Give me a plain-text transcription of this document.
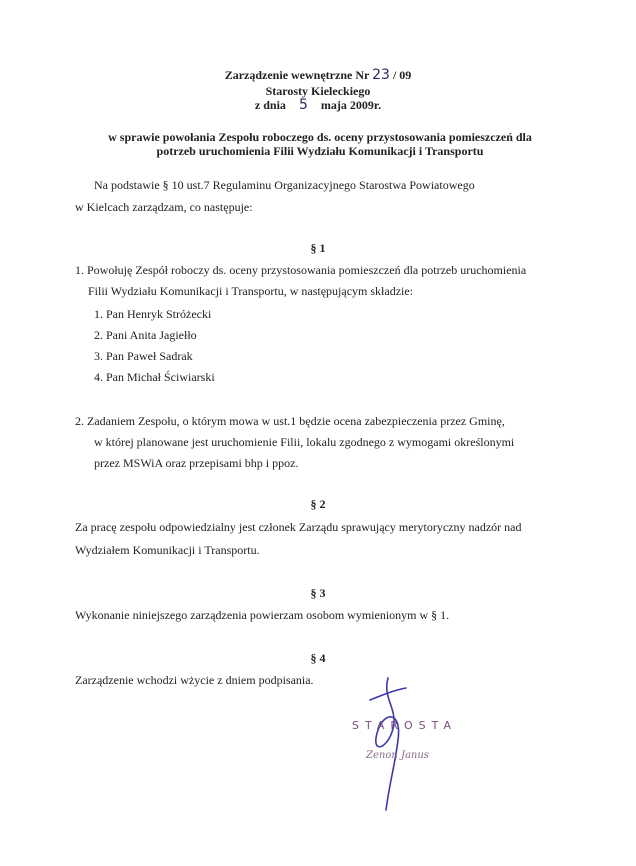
Zarządzenie wewnętrzne Nr 23 / 09
Starosty Kieleckiego
z dnia 5 maja 2009r.
w sprawie powołania Zespołu roboczego ds. oceny przystosowania pomieszczeń dla
potrzeb uruchomienia Filii Wydziału Komunikacji i Transportu
Na podstawie § 10 ust.7 Regulaminu Organizacyjnego Starostwa Powiatowego
w Kielcach zarządzam, co następuje:
§ 1
1. Powołuję Zespół roboczy ds. oceny przystosowania pomieszczeń dla potrzeb uruchomienia
Filii Wydziału Komunikacji i Transportu, w następującym składzie:
1. Pan Henryk Stróżecki
2. Pani Anita Jagiełło
3. Pan Paweł Sadrak
4. Pan Michał Ściwiarski
2. Zadaniem Zespołu, o którym mowa w ust.1 będzie ocena zabezpieczenia przez Gminę,
w której planowane jest uruchomienie Filii, lokalu zgodnego z wymogami określonymi
przez MSWiA oraz przepisami bhp i ppoz.
§ 2
Za pracę zespołu odpowiedzialny jest członek Zarządu sprawujący merytoryczny nadzór nad
Wydziałem Komunikacji i Transportu.
§ 3
Wykonanie niniejszego zarządzenia powierzam osobom wymienionym w § 1.
§ 4
Zarządzenie wchodzi wżycie z dniem podpisania.
STAROSTA
Zenon Janus
